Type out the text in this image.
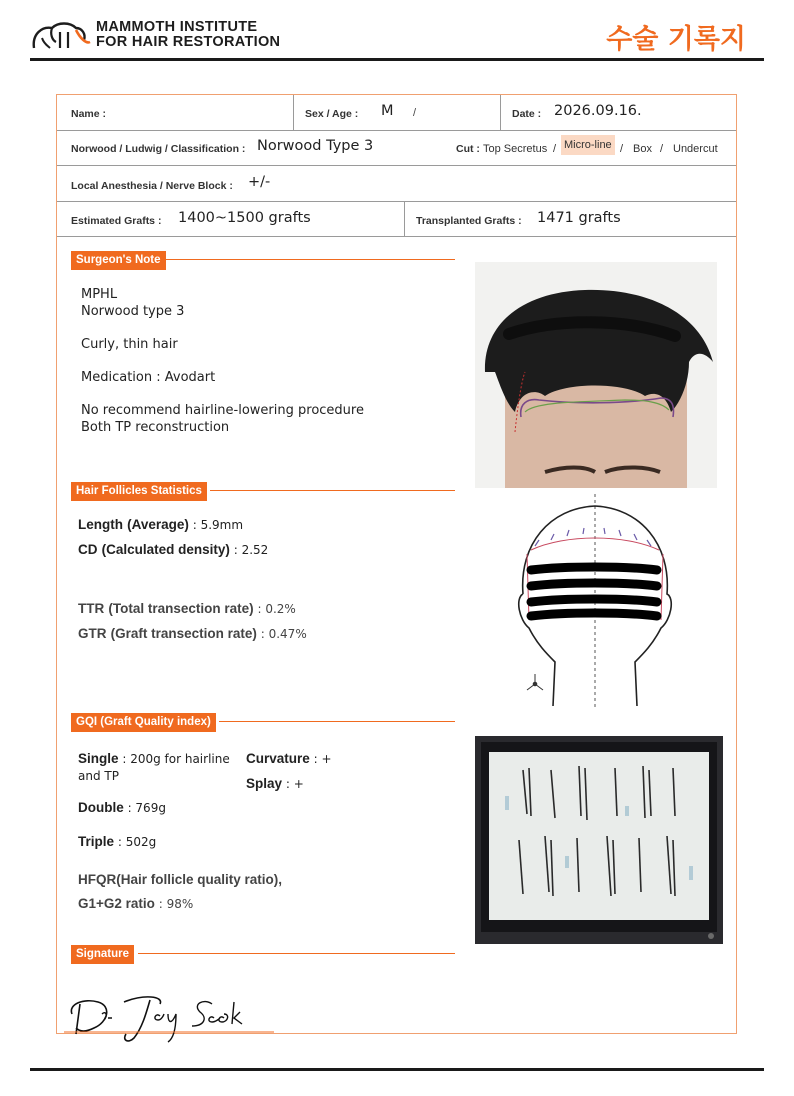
MAMMOTH INSTITUTE
FOR HAIR RESTORATION	수술 기록지
Name :	Sex / Age : M /	Date : 2026.09.16.
Norwood / Ludwig / Classification : Norwood Type 3	Cut : Top Secretus / Micro-line / Box / Undercut
Local Anesthesia / Nerve Block : +/-
Estimated Grafts : 1400~1500 grafts	Transplanted Grafts : 1471 grafts
Surgeon's Note
MPHL
Norwood type 3
Curly, thin hair
Medication : Avodart
No recommend hairline-lowering procedure
Both TP reconstruction
Hair Follicles Statistics
Length (Average) : 5.9mm
CD (Calculated density) : 2.52
TTR (Total transection rate) : 0.2%
GTR (Graft transection rate) : 0.47%
GQI (Graft Quality index)
Single : 200g for hairline and TP
Double : 769g
Triple : 502g
Curvature : +
Splay : +
HFQR(Hair follicle quality ratio),
G1+G2 ratio : 98%
Signature
